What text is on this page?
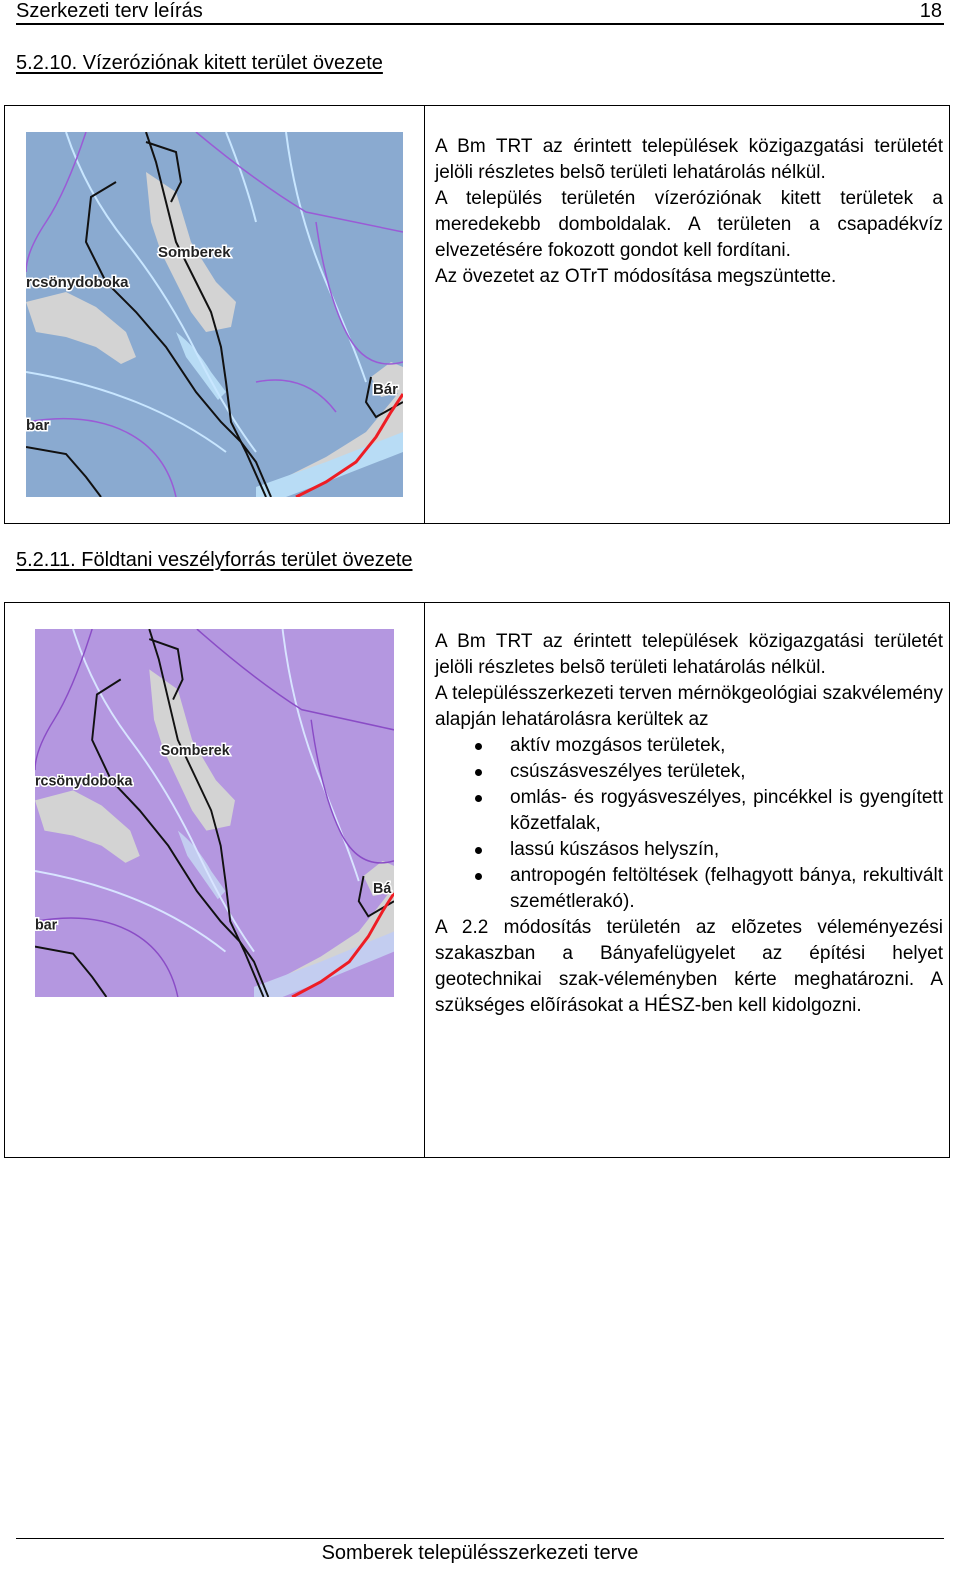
Szerkezeti terv leírás	18
5.2.10. Vízeróziónak kitett terület övezete
Somberek
rcsönydoboka
Bár
bar

A Bm TRT az érintett települések közigazgatási területét jelöli részletes belsõ területi lehatárolás nélkül.

A település területén vízeróziónak kitett területek a meredekebb domboldalak. A területen a csapadékvíz elvezetésére fokozott gondot kell fordítani.

Az övezetet az OTrT módosítása megszüntette.

5.2.11. Földtani veszélyforrás terület övezete
Somberek
rcsönydoboka
Bá
bar

A Bm TRT az érintett települések közigazgatási területét jelöli részletes belsõ területi lehatárolás nélkül.

A településszerkezeti terven mérnökgeológiai szakvélemény alapján lehatárolásra kerültek az

aktív mozgásos területek,
csúszásveszélyes területek,
omlás- és rogyásveszélyes, pincékkel is gyengített kõzetfalak,
lassú kúszásos helyszín,
antropogén feltöltések (felhagyott bánya, rekultivált szemétlerakó).

A 2.2 módosítás területén az elõzetes véleményezési szakaszban a Bányafelügyelet az építési helyet geotechnikai szak-véleményben kérte meghatározni. A szükséges elõírásokat a HÉSZ-ben kell kidolgozni.

Somberek településszerkezeti terve
